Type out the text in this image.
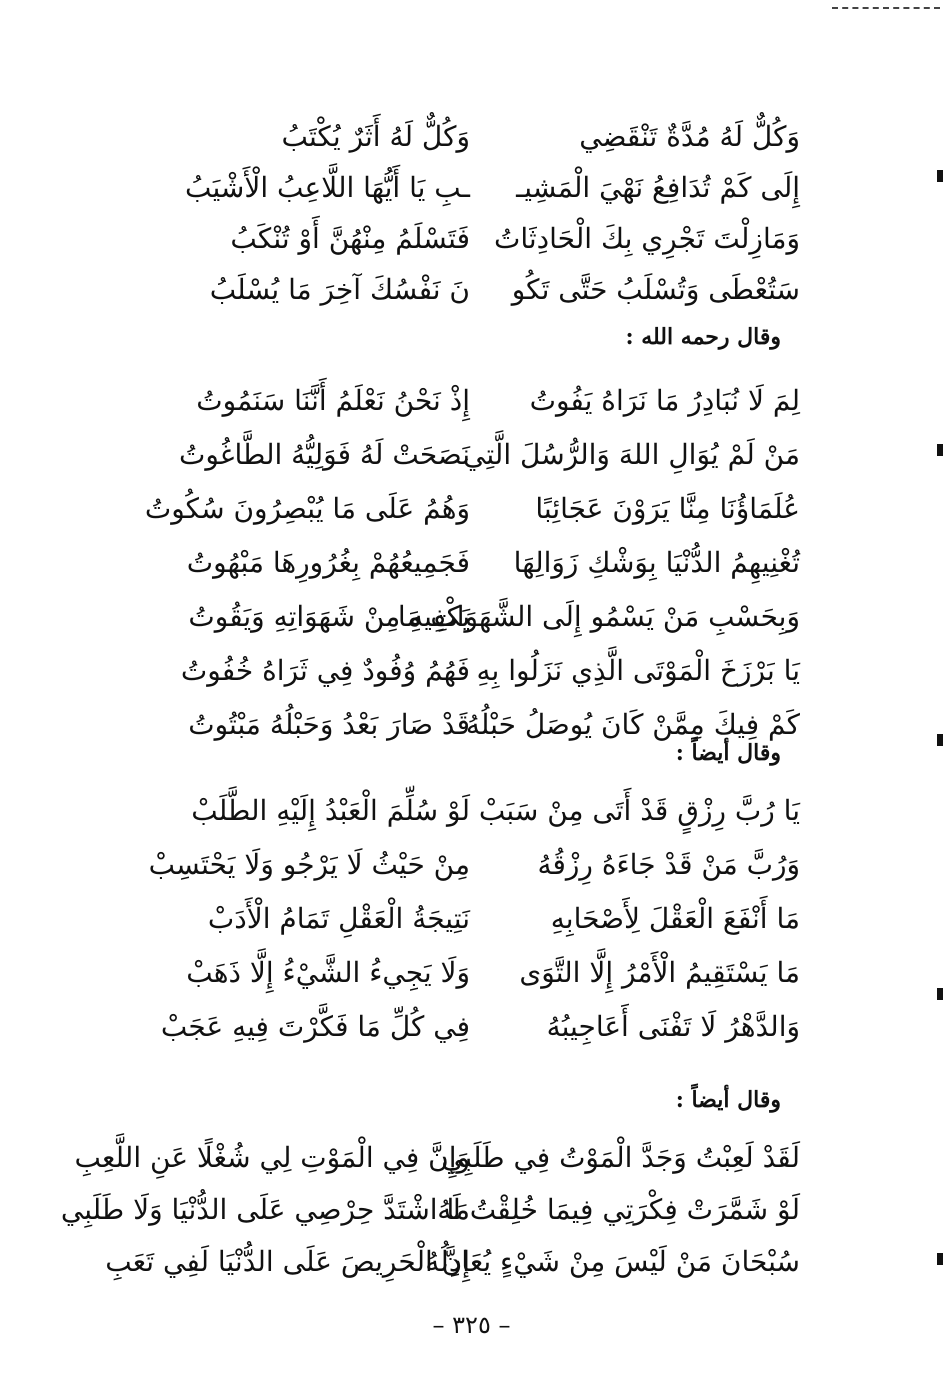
وَكُلٌّ لَهُ مُدَّةٌ تَنْقَضِي
وَكُلٌّ لَهُ أَثَرٌ يُكْتَبُ
إِلَى كَمْ تُدَافِعُ نَهْيَ الْمَشِيـ
ـبِ يَا أَيُّهَا اللَّاعِبُ الْأَشْيَبُ
وَمَازِلْتَ تَجْرِي بِكَ الْحَادِثَاتُ
فَتَسْلَمُ مِنْهُنَّ أَوْ تُنْكَبُ
سَتُعْطَى وَتُسْلَبُ حَتَّى تَكُو
نَ نَفْسُكَ آخِرَ مَا يُسْلَبُ
وقال رحمه الله :
لِمَ لَا نُبَادِرُ مَا نَرَاهُ يَفُوتُ
إِذْ نَحْنُ نَعْلَمُ أَنَّنَا سَنَمُوتُ
مَنْ لَمْ يُوَالِ اللهَ وَالرُّسُلَ الَّتِي
نَصَحَتْ لَهُ فَوَلِيُّهُ الطَّاغُوتُ
عُلَمَاؤُنَا مِنَّا يَرَوْنَ عَجَائِبًا
وَهُمُ عَلَى مَا يُبْصِرُونَ سُكُوتُ
تُغْنِيهِمُ الدُّنْيَا بِوَشْكِ زَوَالِهَا
فَجَمِيعُهُمْ بِغُرُورِهَا مَبْهُوتُ
وَبِحَسْبِ مَنْ يَسْمُو إِلَى الشَّهَوَاتِ مَا
يَكْفِيهِ مِنْ شَهَوَاتِهِ وَيَقُوتُ
يَا بَرْزَخَ الْمَوْتَى الَّذِي نَزَلُوا بِهِ
فَهُمُ وُفُودٌ فِي ثَرَاهُ خُفُوتُ
كَمْ فِيكَ مِمَّنْ كَانَ يُوصَلُ حَبْلُهُ
قَدْ صَارَ بَعْدُ وَحَبْلُهُ مَبْتُوتُ
وقال أيضاً :
يَا رُبَّ رِزْقٍ قَدْ أَتَى مِنْ سَبَبْ
لَوْ سُلِّمَ الْعَبْدُ إِلَيْهِ الطَّلَبْ
وَرُبَّ مَنْ قَدْ جَاءَهُ رِزْقُهُ
مِنْ حَيْثُ لَا يَرْجُو وَلَا يَحْتَسِبْ
مَا أَنْفَعَ الْعَقْلَ لِأَصْحَابِهِ
نَتِيجَةُ الْعَقْلِ تَمَامُ الْأَدَبْ
مَا يَسْتَقِيمُ الْأَمْرُ إِلَّا التَّوَى
وَلَا يَجِيءُ الشَّيْءُ إِلَّا ذَهَبْ
وَالدَّهْرُ لَا تَفْنَى أَعَاجِيبُهُ
فِي كُلِّ مَا فَكَّرْتَ فِيهِ عَجَبْ
وقال أيضاً :
لَقَدْ لَعِبْتُ وَجَدَّ الْمَوْتُ فِي طَلَبِي
وَإِنَّ فِي الْمَوْتِ لِي شُغْلًا عَنِ اللَّعِبِ
لَوْ شَمَّرَتْ فِكْرَتِي فِيمَا خُلِقْتُ لَهُ
مَا اشْتَدَّ حِرْصِي عَلَى الدُّنْيَا وَلَا طَلَبِي
سُبْحَانَ مَنْ لَيْسَ مِنْ شَيْءٍ يُعَادِلُهُ
إِنَّ الْحَرِيصَ عَلَى الدُّنْيَا لَفِي تَعَبِ
– ٣٢٥ –
